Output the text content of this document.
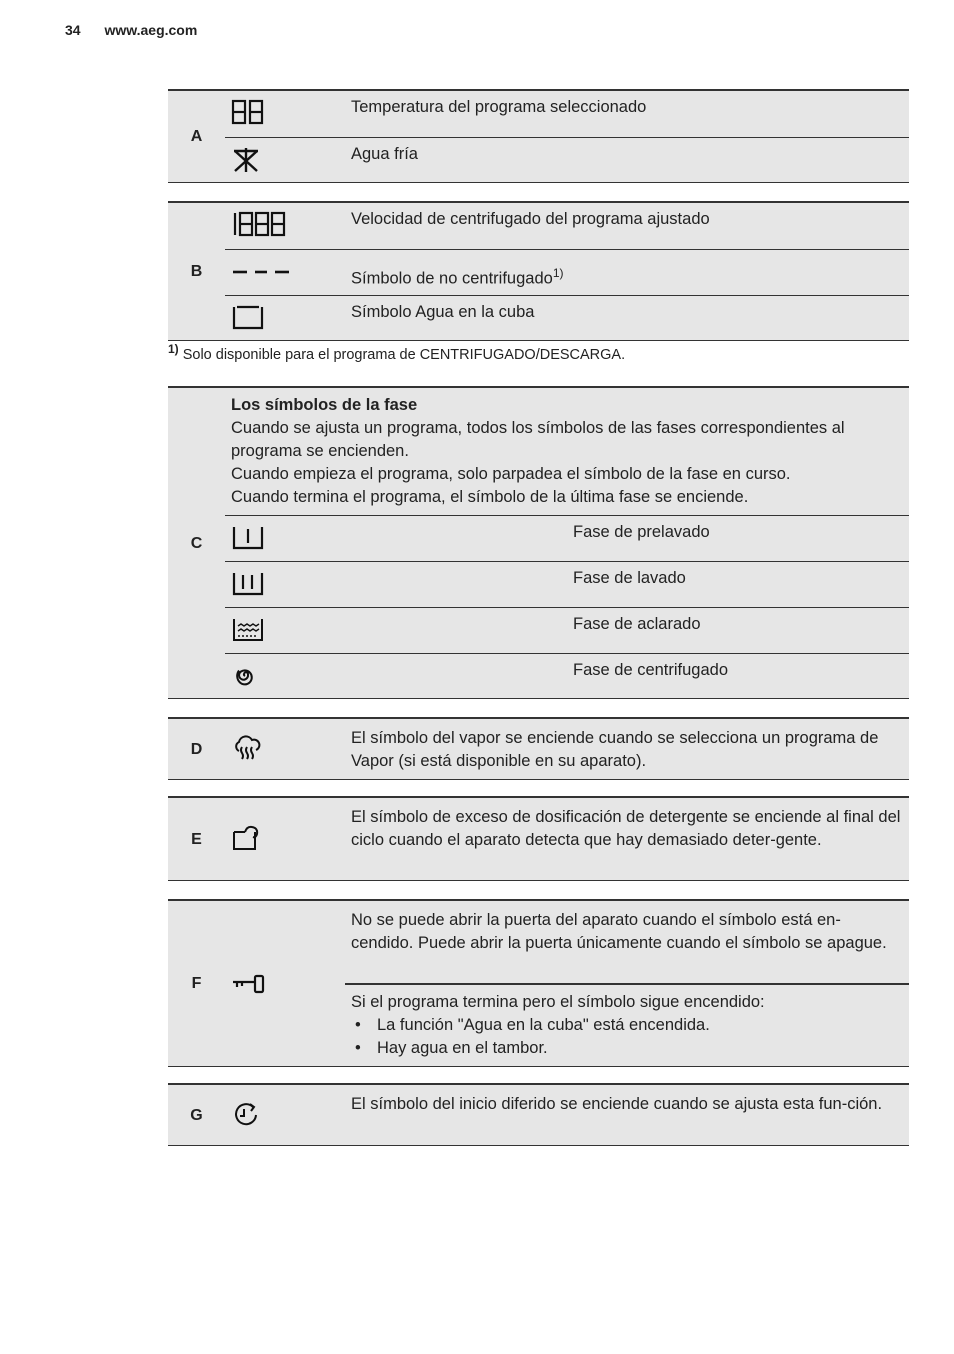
34 www.aeg.com
A		Temperatura del programa seleccionado

	Agua fría
B		Velocidad de centrifugado del programa ajustado

	Símbolo de no centrifugado$^{1)}$

	Símbolo Agua en la cuba
$^{1)}$ Solo disponible para el programa de CENTRIFUGADO/DESCARGA.
C	Los símbolos de la fase
Cuando se ajusta un programa, todos los símbolos de las fases correspondientes al programa se encienden.
Cuando empieza el programa, solo parpadea el símbolo de la fase en curso.
Cuando termina el programa, el símbolo de la última fase se enciende.	

	Fase de prelavado

	Fase de lavado

	Fase de aclarado

	Fase de centrifugado
D	
	El símbolo del vapor se enciende cuando se selecciona un programa de Vapor (si está disponible en su aparato).
E	
	El símbolo de exceso de dosificación de detergente se enciende al final del ciclo cuando el aparato detecta que hay demasiado deter-gente.
F	
	No se puede abrir la puerta del aparato cuando el símbolo está en-cendido. Puede abrir la puerta únicamente cuando el símbolo se apague.

Si el programa termina pero el símbolo sigue encendido:
• La función "Agua en la cuba" está encendida.
• Hay agua en el tambor.
G	
	El símbolo del inicio diferido se enciende cuando se ajusta esta fun-ción.
